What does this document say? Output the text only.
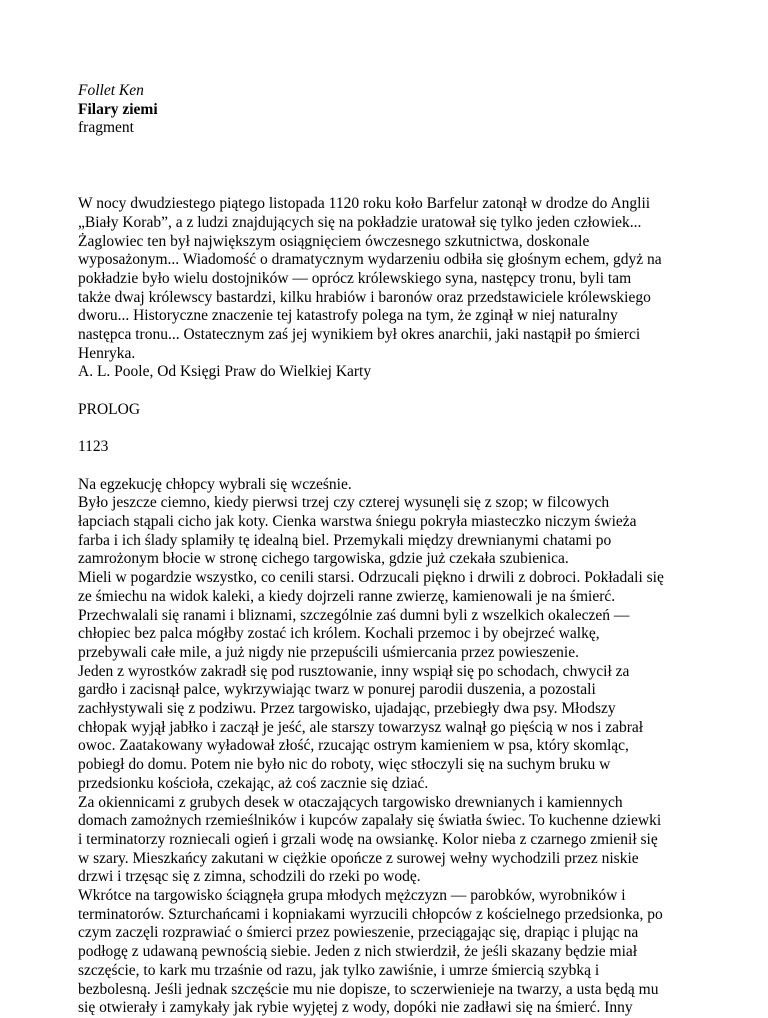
Follet Ken

Filary ziemi

fragment

W nocy dwudziestego piątego listopada 1120 roku koło Barfelur zatonął w drodze do Anglii

„Biały Korab”, a z ludzi znajdujących się na pokładzie uratował się tylko jeden człowiek...

Żaglowiec ten był największym osiągnięciem ówczesnego szkutnictwa, doskonale

wyposażonym... Wiadomość o dramatycznym wydarzeniu odbiła się głośnym echem, gdyż na

pokładzie było wielu dostojników — oprócz królewskiego syna, następcy tronu, byli tam

także dwaj królewscy bastardzi, kilku hrabiów i baronów oraz przedstawiciele królewskiego

dworu... Historyczne znaczenie tej katastrofy polega na tym, że zginął w niej naturalny

następca tronu... Ostatecznym zaś jej wynikiem był okres anarchii, jaki nastąpił po śmierci

Henryka.

A. L. Poole, Od Księgi Praw do Wielkiej Karty

PROLOG

1123

Na egzekucję chłopcy wybrali się wcześnie.

Było jeszcze ciemno, kiedy pierwsi trzej czy czterej wysunęli się z szop; w filcowych

łapciach stąpali cicho jak koty. Cienka warstwa śniegu pokryła miasteczko niczym świeża

farba i ich ślady splamiły tę idealną biel. Przemykali między drewnianymi chatami po

zamrożonym błocie w stronę cichego targowiska, gdzie już czekała szubienica.

Mieli w pogardzie wszystko, co cenili starsi. Odrzucali piękno i drwili z dobroci. Pokładali się

ze śmiechu na widok kaleki, a kiedy dojrzeli ranne zwierzę, kamienowali je na śmierć.

Przechwalali się ranami i bliznami, szczególnie zaś dumni byli z wszelkich okaleczeń —

chłopiec bez palca mógłby zostać ich królem. Kochali przemoc i by obejrzeć walkę,

przebywali całe mile, a już nigdy nie przepuścili uśmiercania przez powieszenie.

Jeden z wyrostków zakradł się pod rusztowanie, inny wspiął się po schodach, chwycił za

gardło i zacisnął palce, wykrzywiając twarz w ponurej parodii duszenia, a pozostali

zachłystywali się z podziwu. Przez targowisko, ujadając, przebiegły dwa psy. Młodszy

chłopak wyjął jabłko i zaczął je jeść, ale starszy towarzysz walnął go pięścią w nos i zabrał

owoc. Zaatakowany wyładował złość, rzucając ostrym kamieniem w psa, który skomląc,

pobiegł do domu. Potem nie było nic do roboty, więc stłoczyli się na suchym bruku w

przedsionku kościoła, czekając, aż coś zacznie się dziać.

Za okiennicami z grubych desek w otaczających targowisko drewnianych i kamiennych

domach zamożnych rzemieślników i kupców zapalały się światła świec. To kuchenne dziewki

i terminatorzy rozniecali ogień i grzali wodę na owsiankę. Kolor nieba z czarnego zmienił się

w szary. Mieszkańcy zakutani w ciężkie opończe z surowej wełny wychodzili przez niskie

drzwi i trzęsąc się z zimna, schodzili do rzeki po wodę.

Wkrótce na targowisko ściągnęła grupa młodych mężczyzn — parobków, wyrobników i

terminatorów. Szturchańcami i kopniakami wyrzucili chłopców z kościelnego przedsionka, po

czym zaczęli rozprawiać o śmierci przez powieszenie, przeciągając się, drapiąc i plując na

podłogę z udawaną pewnością siebie. Jeden z nich stwierdził, że jeśli skazany będzie miał

szczęście, to kark mu trzaśnie od razu, jak tylko zawiśnie, i umrze śmiercią szybką i

bezbolesną. Jeśli jednak szczęście mu nie dopisze, to sczerwienieje na twarzy, a usta będą mu

się otwierały i zamykały jak rybie wyjętej z wody, dopóki nie zadławi się na śmierć. Inny
